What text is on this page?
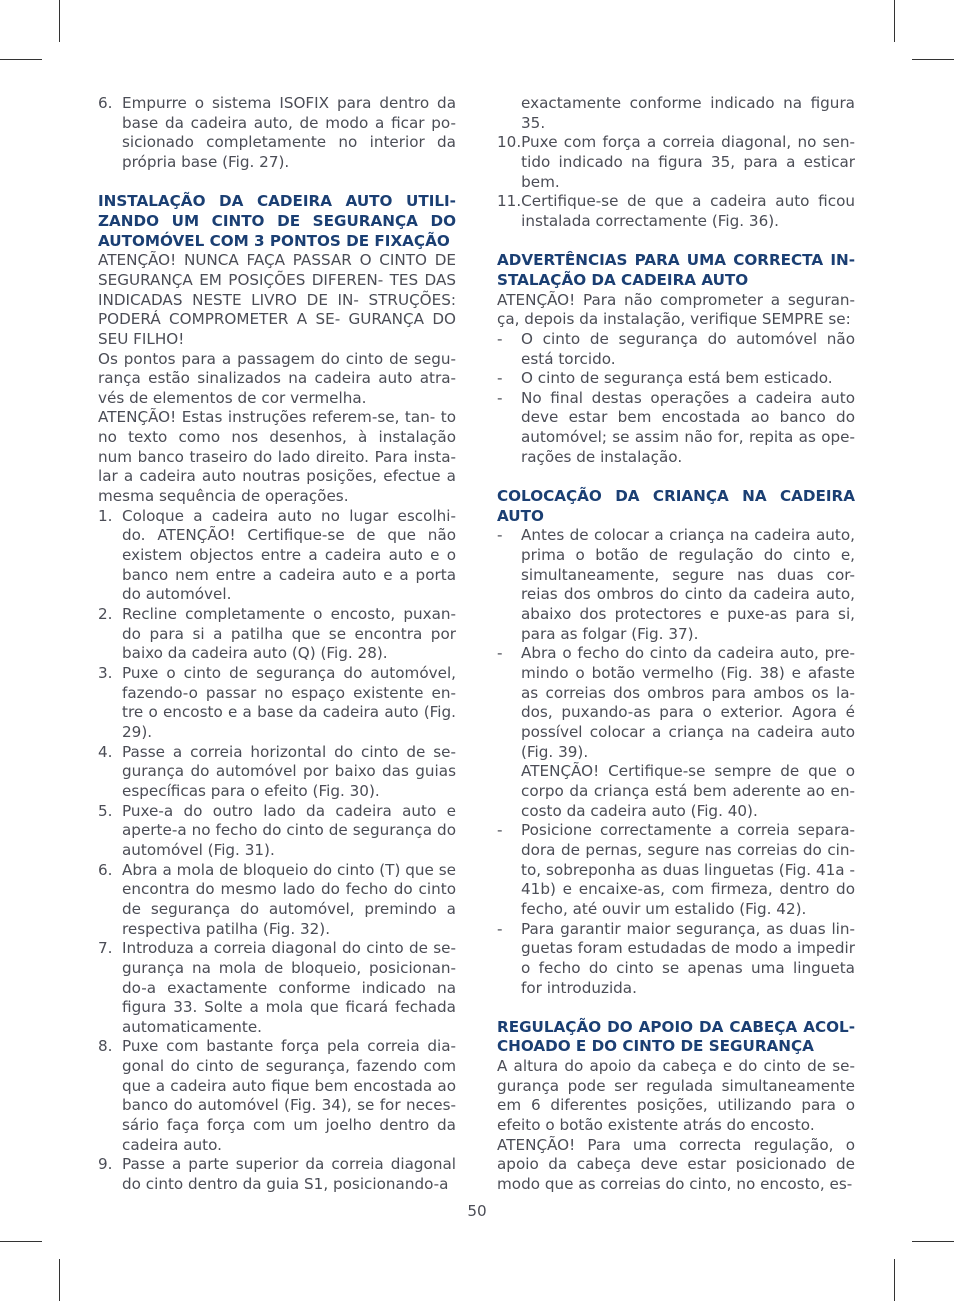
6. Empurre o sistema ISOFIX para dentro da base da cadeira auto, de modo a ficar po- sicionado completamente no interior da própria base (Fig. 27).
INSTALAÇÃO DA CADEIRA AUTO UTILI- ZANDO UM CINTO DE SEGURANÇA DO AUTOMÓVEL COM 3 PONTOS DE FIXAÇÃO

ATENÇÃO! NUNCA FAÇA PASSAR O CINTO DE SEGURANÇA EM POSIÇÕES DIFEREN- TES DAS INDICADAS NESTE LIVRO DE IN- STRUÇÕES: PODERÁ COMPROMETER A SE- GURANÇA DO SEU FILHO!

Os pontos para a passagem do cinto de segu- rança estão sinalizados na cadeira auto atra- vés de elementos de cor vermelha.

ATENÇÃO! Estas instruções referem-se, tan- to no texto como nos desenhos, à instalação num banco traseiro do lado direito. Para insta- lar a cadeira auto noutras posições, efectue a mesma sequência de operações.

1. Coloque a cadeira auto no lugar escolhi- do. ATENÇÃO! Certifique-se de que não existem objectos entre a cadeira auto e o banco nem entre a cadeira auto e a porta do automóvel.
2. Recline completamente o encosto, puxan- do para si a patilha que se encontra por baixo da cadeira auto (Q) (Fig. 28).
3. Puxe o cinto de segurança do automóvel, fazendo-o passar no espaço existente en- tre o encosto e a base da cadeira auto (Fig. 29).
4. Passe a correia horizontal do cinto de se- gurança do automóvel por baixo das guias específicas para o efeito (Fig. 30).
5. Puxe-a do outro lado da cadeira auto e aperte-a no fecho do cinto de segurança do automóvel (Fig. 31).
6. Abra a mola de bloqueio do cinto (T) que se encontra do mesmo lado do fecho do cinto de segurança do automóvel, premindo a respectiva patilha (Fig. 32).
7. Introduza a correia diagonal do cinto de se- gurança na mola de bloqueio, posicionan- do-a exactamente conforme indicado na figura 33. Solte a mola que ficará fechada automaticamente.
8. Puxe com bastante força pela correia dia- gonal do cinto de segurança, fazendo com que a cadeira auto fique bem encostada ao banco do automóvel (Fig. 34), se for neces- sário faça força com um joelho dentro da cadeira auto.
9. Passe a parte superior da correia diagonal do cinto dentro da guia S1, posicionando-a
exactamente conforme indicado na figura 35.
10. Puxe com força a correia diagonal, no sen- tido indicado na figura 35, para a esticar bem.
11. Certifique-se de que a cadeira auto ficou instalada correctamente (Fig. 36).
ADVERTÊNCIAS PARA UMA CORRECTA IN- STALAÇÃO DA CADEIRA AUTO

ATENÇÃO! Para não comprometer a seguran- ça, depois da instalação, verifique SEMPRE se:

-	O cinto de segurança do automóvel não está torcido.
-	O cinto de segurança está bem esticado.
-	No final destas operações a cadeira auto deve estar bem encostada ao banco do automóvel; se assim não for, repita as ope- rações de instalação.
COLOCAÇÃO DA CRIANÇA NA CADEIRA AUTO
-	Antes de colocar a criança na cadeira auto, prima o botão de regulação do cinto e, simultaneamente, segure nas duas cor- reias dos ombros do cinto da cadeira auto, abaixo dos protectores e puxe-as para si, para as folgar (Fig. 37).
-	Abra o fecho do cinto da cadeira auto, pre- mindo o botão vermelho (Fig. 38) e afaste as correias dos ombros para ambos os la- dos, puxando-as para o exterior. Agora é possível colocar a criança na cadeira auto (Fig. 39).
ATENÇÃO! Certifique-se sempre de que o corpo da criança está bem aderente ao en- costo da cadeira auto (Fig. 40).
-	Posicione correctamente a correia separa- dora de pernas, segure nas correias do cin- to, sobreponha as duas linguetas (Fig. 41a - 41b) e encaixe-as, com firmeza, dentro do fecho, até ouvir um estalido (Fig. 42).
-	Para garantir maior segurança, as duas lin- guetas foram estudadas de modo a impedir o fecho do cinto se apenas uma lingueta for introduzida.
REGULAÇÃO DO APOIO DA CABEÇA ACOL- CHOADO E DO CINTO DE SEGURANÇA

A altura do apoio da cabeça e do cinto de se- gurança pode ser regulada simultaneamente em 6 diferentes posições, utilizando para o efeito o botão existente atrás do encosto.

ATENÇÃO! Para uma correcta regulação, o apoio da cabeça deve estar posicionado de modo que as correias do cinto, no encosto, es-

50
